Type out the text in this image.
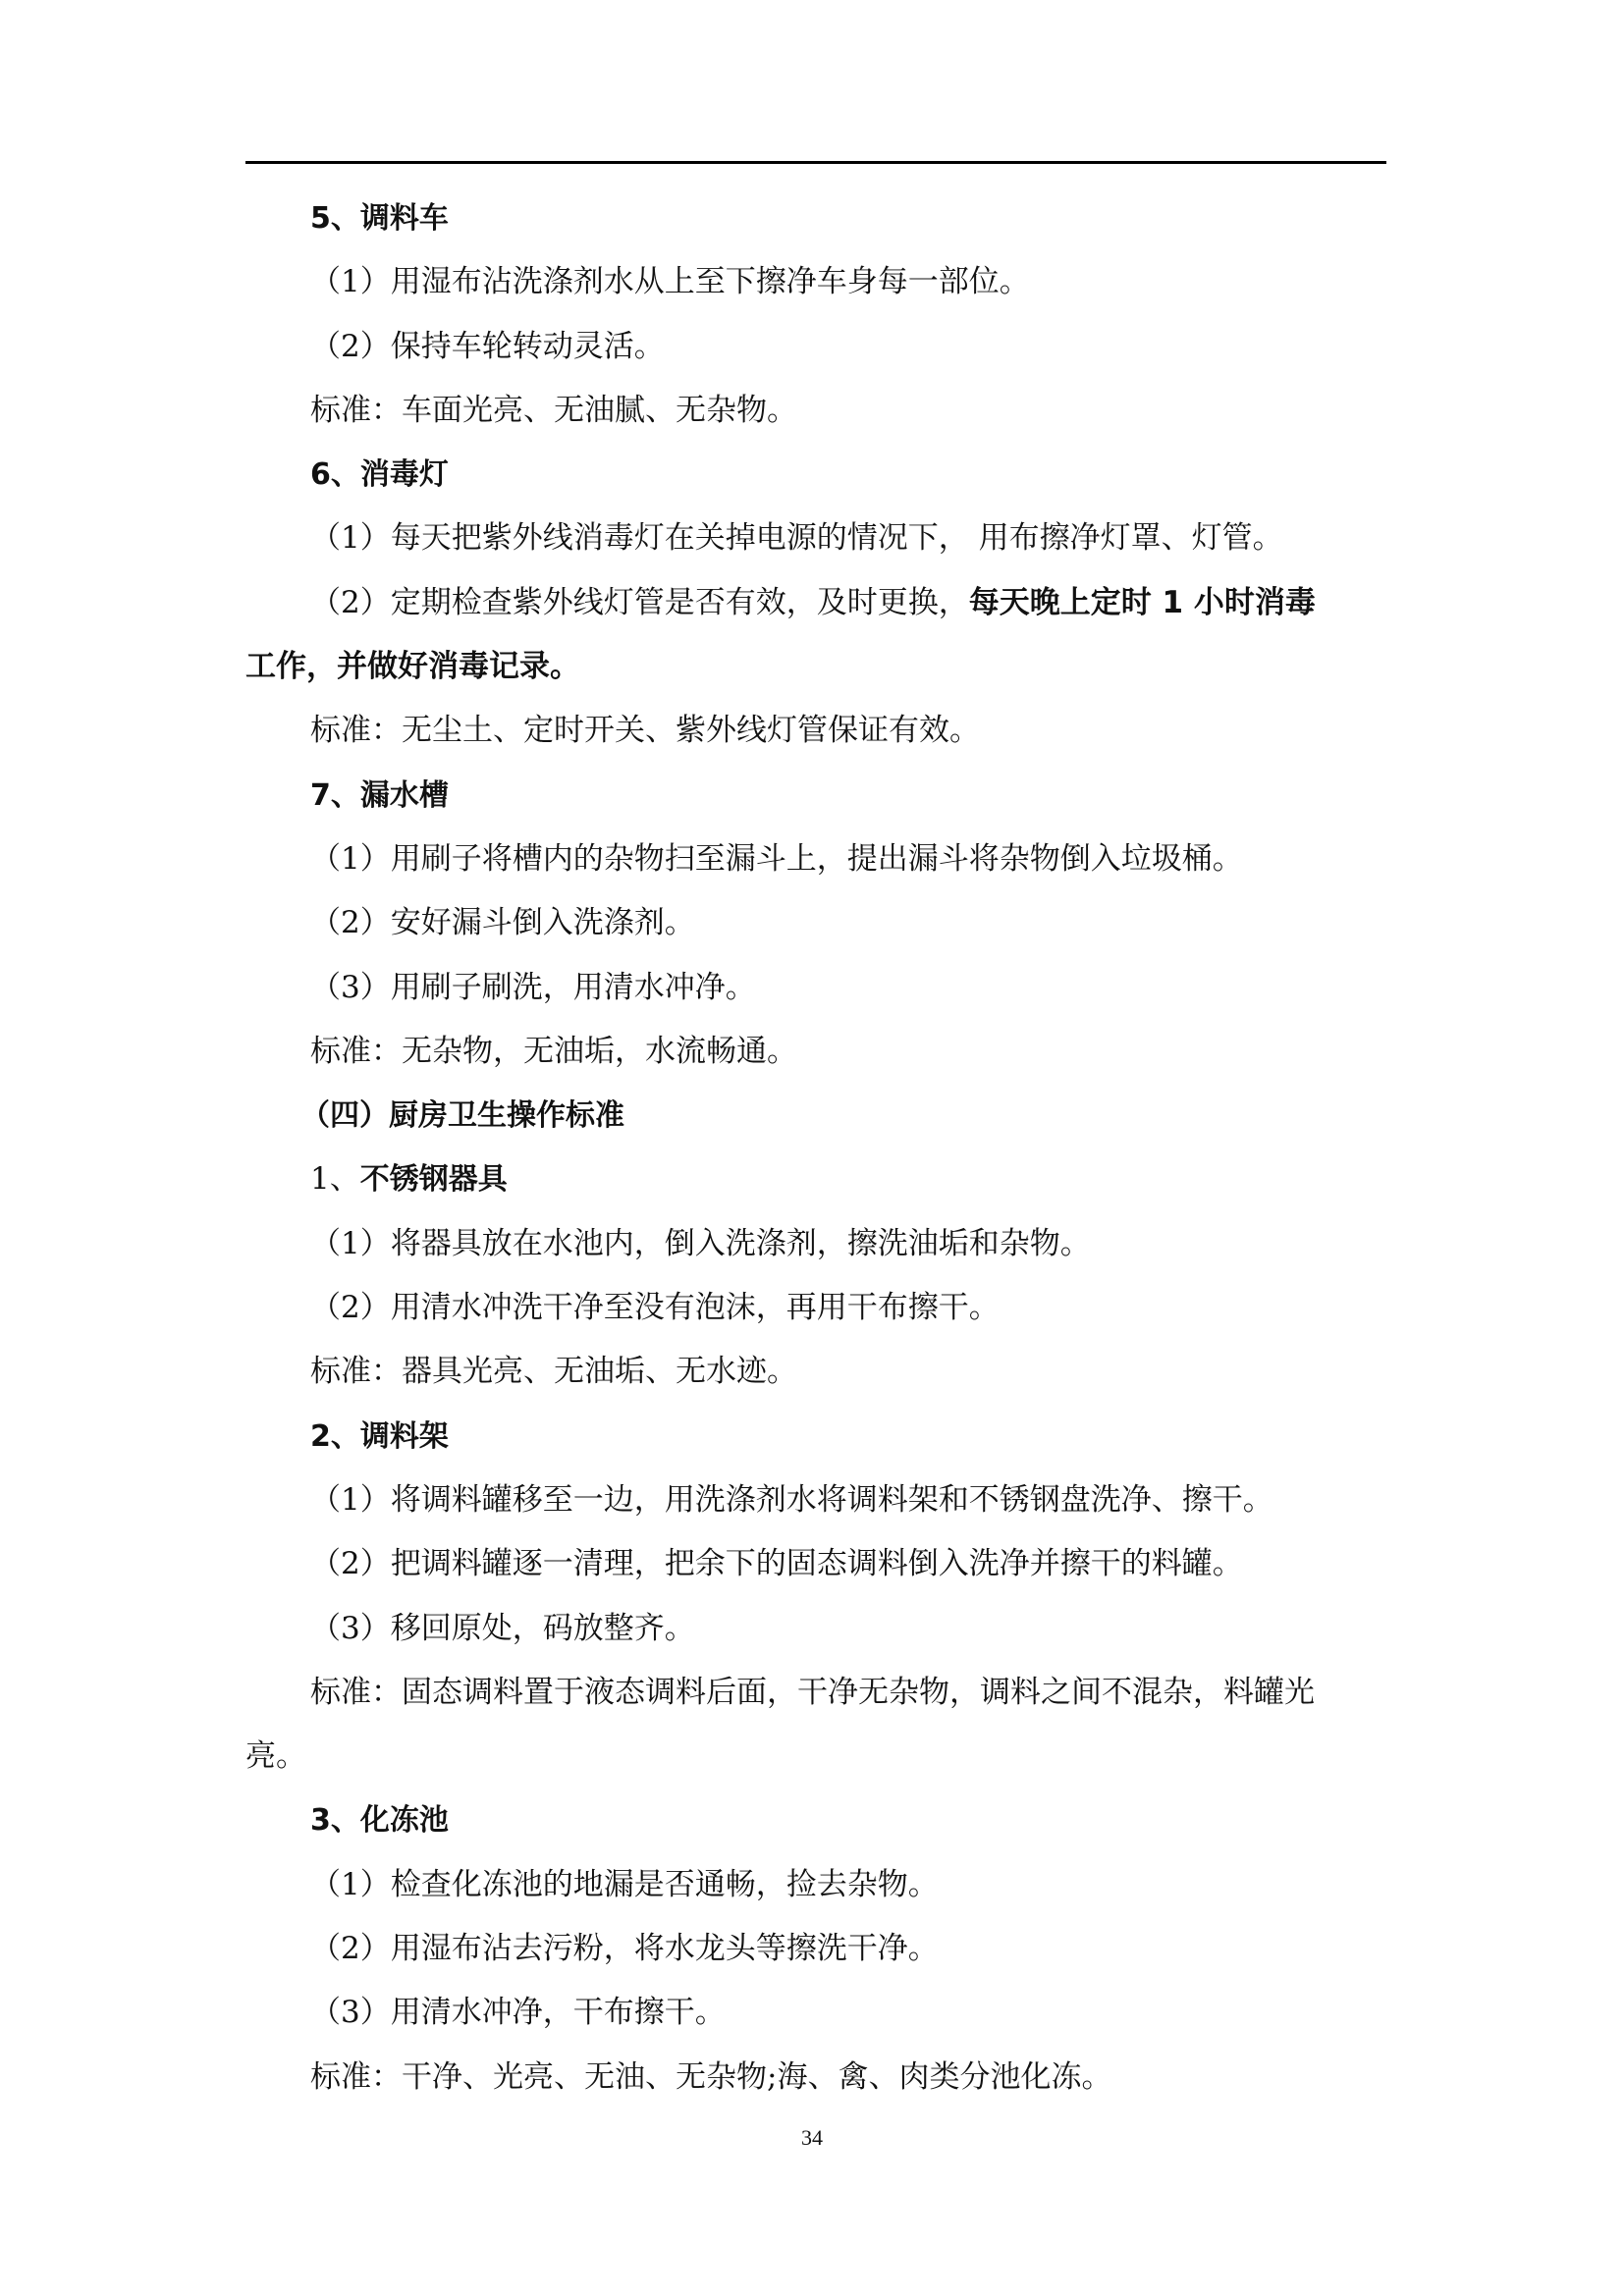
5、调料车
（1）用湿布沾洗涤剂水从上至下擦净车身每一部位。
（2）保持车轮转动灵活。
标准：车面光亮、无油腻、无杂物。
6、消毒灯
（1）每天把紫外线消毒灯在关掉电源的情况下， 用布擦净灯罩、灯管。
（2）定期检查紫外线灯管是否有效，及时更换，每天晚上定时 1 小时消毒
工作，并做好消毒记录。
标准：无尘土、定时开关、紫外线灯管保证有效。
7、漏水槽
（1）用刷子将槽内的杂物扫至漏斗上，提出漏斗将杂物倒入垃圾桶。
（2）安好漏斗倒入洗涤剂。
（3）用刷子刷洗，用清水冲净。
标准：无杂物，无油垢，水流畅通。
（四）厨房卫生操作标准
1、不锈钢器具
（1）将器具放在水池内，倒入洗涤剂，擦洗油垢和杂物。
（2）用清水冲洗干净至没有泡沫，再用干布擦干。
标准：器具光亮、无油垢、无水迹。
2、调料架
（1）将调料罐移至一边，用洗涤剂水将调料架和不锈钢盘洗净、擦干。
（2）把调料罐逐一清理，把余下的固态调料倒入洗净并擦干的料罐。
（3）移回原处，码放整齐。
标准：固态调料置于液态调料后面，干净无杂物，调料之间不混杂，料罐光
亮。
3、化冻池
（1）检查化冻池的地漏是否通畅，捡去杂物。
（2）用湿布沾去污粉，将水龙头等擦洗干净。
（3）用清水冲净，干布擦干。
标准：干净、光亮、无油、无杂物;海、禽、肉类分池化冻。
34
